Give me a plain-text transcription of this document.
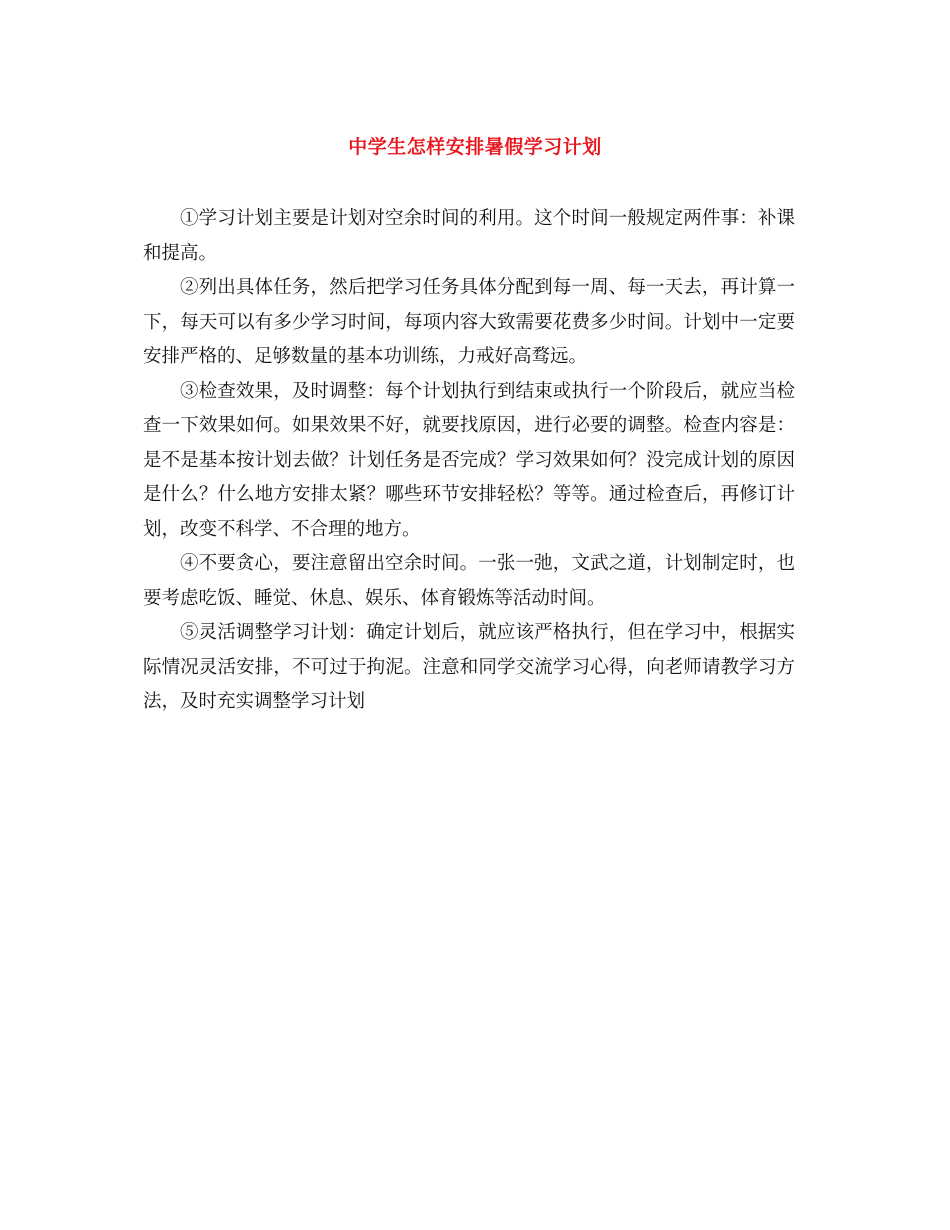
中学生怎样安排暑假学习计划

①学习计划主要是计划对空余时间的利用。这个时间一般规定两件事：补课和提高。

②列出具体任务，然后把学习任务具体分配到每一周、每一天去，再计算一下，每天可以有多少学习时间，每项内容大致需要花费多少时间。计划中一定要安排严格的、足够数量的基本功训练，力戒好高骛远。

③检查效果，及时调整：每个计划执行到结束或执行一个阶段后，就应当检查一下效果如何。如果效果不好，就要找原因，进行必要的调整。检查内容是：是不是基本按计划去做？计划任务是否完成？学习效果如何？没完成计划的原因是什么？什么地方安排太紧？哪些环节安排轻松？等等。通过检查后，再修订计划，改变不科学、不合理的地方。

④不要贪心，要注意留出空余时间。一张一弛，文武之道，计划制定时，也要考虑吃饭、睡觉、休息、娱乐、体育锻炼等活动时间。

⑤灵活调整学习计划：确定计划后，就应该严格执行，但在学习中，根据实际情况灵活安排，不可过于拘泥。注意和同学交流学习心得，向老师请教学习方法，及时充实调整学习计划
